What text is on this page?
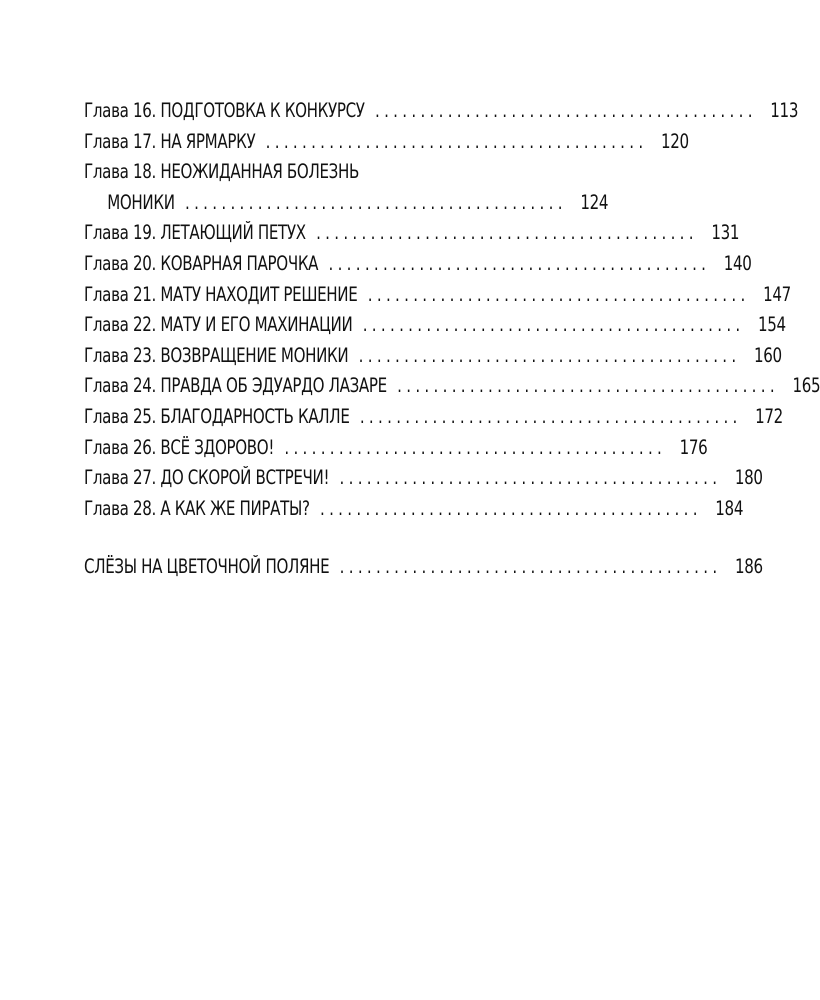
Глава 16.
ПОДГОТОВКА К КОНКУРСУ .......................................... 113
Глава 17.
НА ЯРМАРКУ .......................................... 120
Глава 18.
НЕОЖИДАННАЯ БОЛЕЗНЬ
МОНИКИ .......................................... 124
Глава 19.
ЛЕТАЮЩИЙ ПЕТУХ .......................................... 131
Глава 20.
КОВАРНАЯ ПАРОЧКА .......................................... 140
Глава 21.
МАТУ НАХОДИТ РЕШЕНИЕ .......................................... 147
Глава 22.
МАТУ И ЕГО МАХИНАЦИИ .......................................... 154
Глава 23.
ВОЗВРАЩЕНИЕ МОНИКИ .......................................... 160
Глава 24.
ПРАВДА ОБ ЭДУАРДО ЛАЗАРЕ .......................................... 165
Глава 25.
БЛАГОДАРНОСТЬ КАЛЛЕ .......................................... 172
Глава 26.
ВСЁ ЗДОРОВО! .......................................... 176
Глава 27.
ДО СКОРОЙ ВСТРЕЧИ! .......................................... 180
Глава 28.
А КАК ЖЕ ПИРАТЫ? .......................................... 184
СЛЁЗЫ НА ЦВЕТОЧНОЙ ПОЛЯНЕ .......................................... 186
